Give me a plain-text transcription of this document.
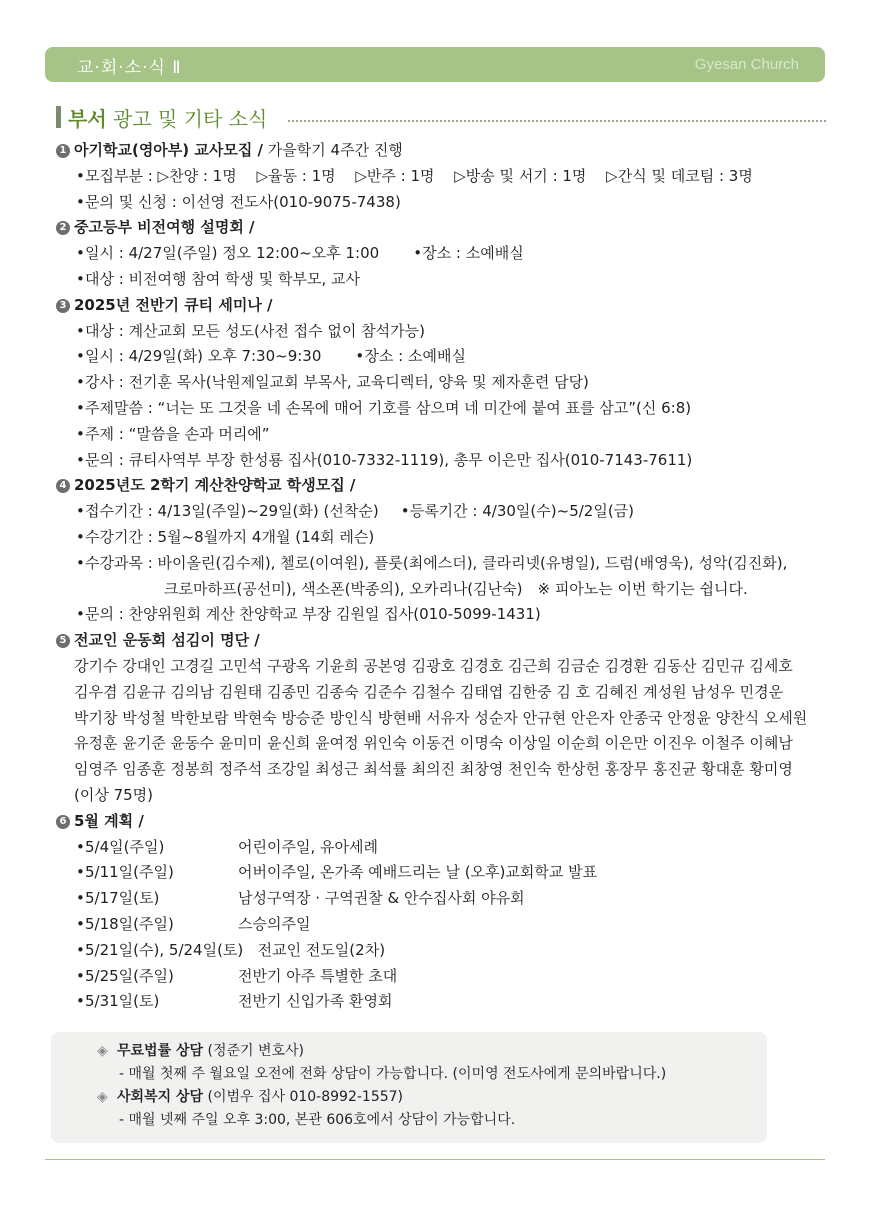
교·회·소·식 Ⅱ	Gyesan Church
부서 광고 및 기타 소식
1 아기학교(영아부) 교사모집 / 가을학기 4주간 진행
•모집부분 : ▷찬양 : 1명　 ▷율동 : 1명　 ▷반주 : 1명　 ▷방송 및 서기 : 1명　 ▷간식 및 데코팀 : 3명
•문의 및 신청 : 이선영 전도사(010-9075-7438)
2 중고등부 비전여행 설명회 /
•일시 : 4/27일(주일) 정오 12:00~오후 1:00 •장소 : 소예배실
•대상 : 비전여행 참여 학생 및 학부모, 교사
3 2025년 전반기 큐티 세미나 /
•대상 : 계산교회 모든 성도(사전 접수 없이 참석가능)
•일시 : 4/29일(화) 오후 7:30~9:30 •장소 : 소예배실
•강사 : 전기훈 목사(낙원제일교회 부목사, 교육디렉터, 양육 및 제자훈련 담당)
•주제말씀 : “너는 또 그것을 네 손목에 매어 기호를 삼으며 네 미간에 붙여 표를 삼고”(신 6:8)
•주제 : “말씀을 손과 머리에”
•문의 : 큐티사역부 부장 한성룡 집사(010-7332-1119), 총무 이은만 집사(010-7143-7611)
4 2025년도 2학기 계산찬양학교 학생모집 /
•접수기간 : 4/13일(주일)~29일(화) (선착순) •등록기간 : 4/30일(수)~5/2일(금)
•수강기간 : 5월~8월까지 4개월 (14회 레슨)
•수강과목 : 바이올린(김수제), 첼로(이여원), 플룻(최에스더), 클라리넷(유병일), 드럼(배영욱), 성악(김진화),
크로마하프(공선미), 색소폰(박종의), 오카리나(김난숙)　※ 피아노는 이번 학기는 쉽니다.
•문의 : 찬양위원회 계산 찬양학교 부장 김원일 집사(010-5099-1431)
5 전교인 운동회 섬김이 명단 /
강기수 강대인 고경길 고민석 구광옥 기윤희 공본영 김광호 김경호 김근희 김금순 김경환 김동산 김민규 김세호
김우겸 김윤규 김의남 김원태 김종민 김종숙 김준수 김철수 김태엽 김한중 김 호 김혜진 계성원 남성우 민경운
박기창 박성철 박한보람 박현숙 방승준 방인식 방현배 서유자 성순자 안규현 안은자 안종국 안정윤 양찬식 오세원
유정훈 윤기준 윤동수 윤미미 윤신희 윤여정 위인숙 이동건 이명숙 이상일 이순희 이은만 이진우 이철주 이혜남
임영주 임종훈 정봉희 정주석 조강일 최성근 최석률 최의진 최창영 천인숙 한상헌 홍장무 홍진균 황대훈 황미영
(이상 75명)
6 5월 계획 /
•5/4일(주일)	어린이주일, 유아세례
•5/11일(주일)	어버이주일, 온가족 예배드리는 날 (오후)교회학교 발표
•5/17일(토)	남성구역장 · 구역권찰 & 안수집사회 야유회
•5/18일(주일)	스승의주일
•5/21일(수), 5/24일(토) 전교인 전도일(2차)
•5/25일(주일)	전반기 아주 특별한 초대
•5/31일(토)	전반기 신입가족 환영회
◈ 무료법률 상담 (정준기 변호사)
- 매월 첫째 주 월요일 오전에 전화 상담이 가능합니다. (이미영 전도사에게 문의바랍니다.)
◈ 사회복지 상담 (이범우 집사 010-8992-1557)
- 매월 넷째 주일 오후 3:00, 본관 606호에서 상담이 가능합니다.
